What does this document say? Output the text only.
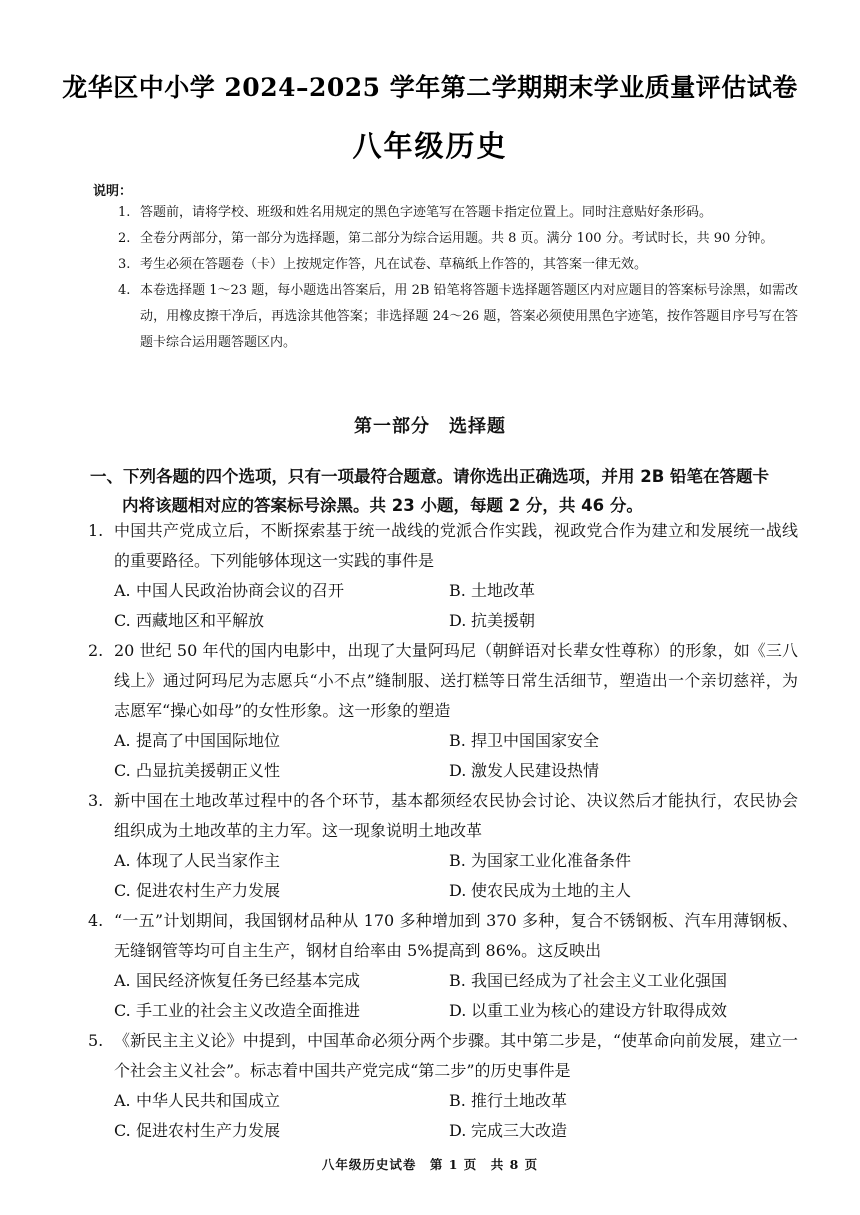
龙华区中小学 2024–2025 学年第二学期期末学业质量评估试卷
八年级历史
说明：
1. 答题前，请将学校、班级和姓名用规定的黑色字迹笔写在答题卡指定位置上。同时注意贴好条形码。
2. 全卷分两部分，第一部分为选择题，第二部分为综合运用题。共 8 页。满分 100 分。考试时长，共 90 分钟。
3. 考生必须在答题卷（卡）上按规定作答，凡在试卷、草稿纸上作答的，其答案一律无效。
4. 本卷选择题 1～23 题，每小题选出答案后，用 2B 铅笔将答题卡选择题答题区内对应题目的答案标号涂黑，如需改动，用橡皮擦干净后，再选涂其他答案；非选择题 24～26 题，答案必须使用黑色字迹笔，按作答题目序号写在答题卡综合运用题答题区内。
第一部分　选择题
一、下列各题的四个选项，只有一项最符合题意。请你选出正确选项，并用 2B 铅笔在答题卡
内将该题相对应的答案标号涂黑。共 23 小题，每题 2 分，共 46 分。
1. 中国共产党成立后，不断探索基于统一战线的党派合作实践，视政党合作为建立和发展统一战线的重要路径。下列能够体现这一实践的事件是
A. 中国人民政治协商会议的召开	B. 土地改革
C. 西藏地区和平解放	D. 抗美援朝
2. 20 世纪 50 年代的国内电影中，出现了大量阿玛尼（朝鲜语对长辈女性尊称）的形象，如《三八线上》通过阿玛尼为志愿兵“小不点”缝制服、送打糕等日常生活细节，塑造出一个亲切慈祥，为志愿军“操心如母”的女性形象。这一形象的塑造
A. 提高了中国国际地位	B. 捍卫中国国家安全
C. 凸显抗美援朝正义性	D. 激发人民建设热情
3. 新中国在土地改革过程中的各个环节，基本都须经农民协会讨论、决议然后才能执行，农民协会组织成为土地改革的主力军。这一现象说明土地改革
A. 体现了人民当家作主	B. 为国家工业化准备条件
C. 促进农村生产力发展	D. 使农民成为土地的主人
4. “一五”计划期间，我国钢材品种从 170 多种增加到 370 多种，复合不锈钢板、汽车用薄钢板、无缝钢管等均可自主生产，钢材自给率由 5%提高到 86%。这反映出
A. 国民经济恢复任务已经基本完成	B. 我国已经成为了社会主义工业化强国
C. 手工业的社会主义改造全面推进	D. 以重工业为核心的建设方针取得成效
5. 《新民主主义论》中提到，中国革命必须分两个步骤。其中第二步是，“使革命向前发展，建立一个社会主义社会”。标志着中国共产党完成“第二步”的历史事件是
A. 中华人民共和国成立	B. 推行土地改革
C. 促进农村生产力发展	D. 完成三大改造
八年级历史试卷　第 1 页　共 8 页
